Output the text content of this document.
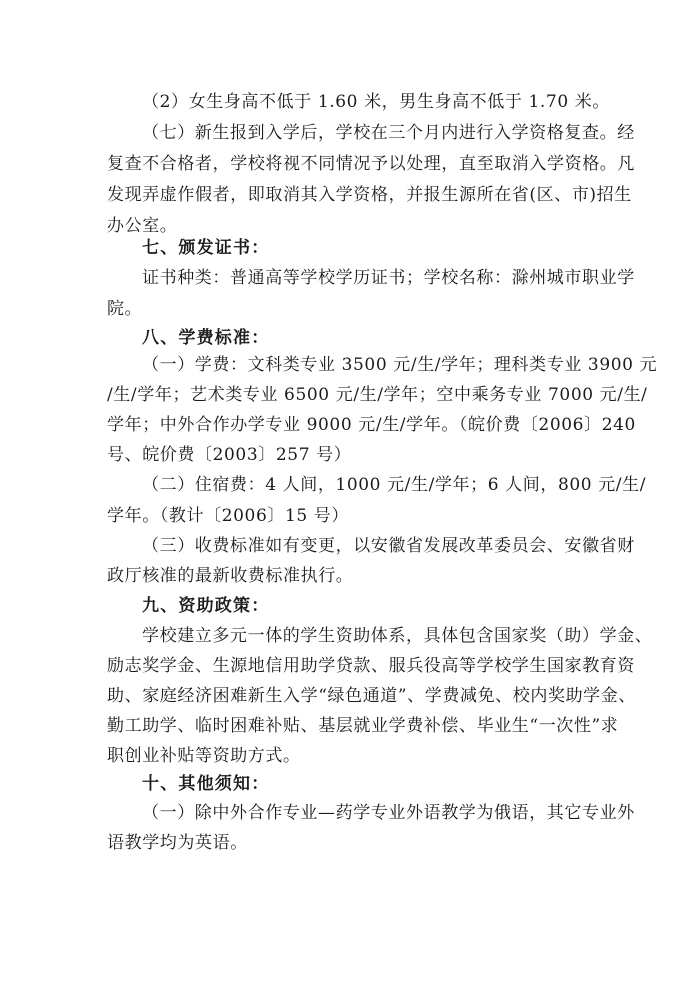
（2）女生身高不低于 1.60 米，男生身高不低于 1.70 米。
（七）新生报到入学后，学校在三个月内进行入学资格复查。经
复查不合格者，学校将视不同情况予以处理，直至取消入学资格。凡
发现弄虚作假者，即取消其入学资格，并报生源所在省(区、市)招生
办公室。
七、颁发证书：
证书种类：普通高等学校学历证书；学校名称：滁州城市职业学
院。
八、学费标准：
（一）学费：文科类专业 3500 元/生/学年；理科类专业 3900 元
/生/学年；艺术类专业 6500 元/生/学年；空中乘务专业 7000 元/生/
学年；中外合作办学专业 9000 元/生/学年。（皖价费〔2006〕240
号、皖价费〔2003〕257 号）
（二）住宿费：4 人间，1000 元/生/学年；6 人间，800 元/生/
学年。（教计〔2006〕15 号）
（三）收费标准如有变更，以安徽省发展改革委员会、安徽省财
政厅核准的最新收费标准执行。
九、资助政策：
学校建立多元一体的学生资助体系，具体包含国家奖（助）学金、
励志奖学金、生源地信用助学贷款、服兵役高等学校学生国家教育资
助、家庭经济困难新生入学“绿色通道”、学费减免、校内奖助学金、
勤工助学、临时困难补贴、基层就业学费补偿、毕业生“一次性”求
职创业补贴等资助方式。
十、其他须知：
（一）除中外合作专业—药学专业外语教学为俄语，其它专业外
语教学均为英语。
